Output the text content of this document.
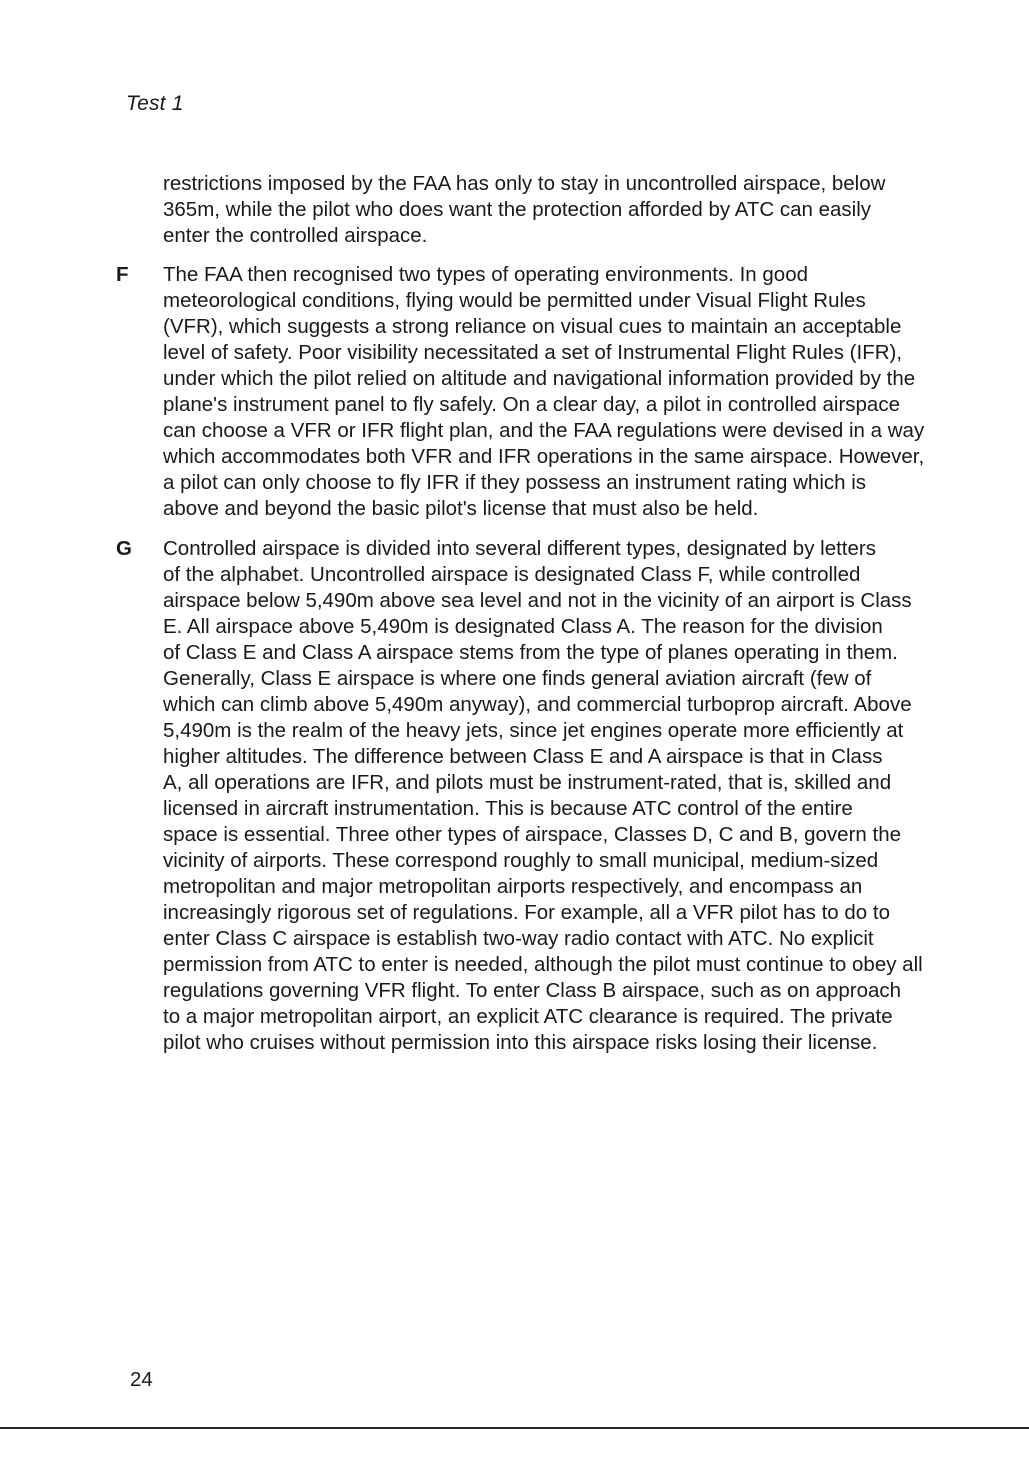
Test 1
restrictions imposed by the FAA has only to stay in uncontrolled airspace, below
365m, while the pilot who does want the protection afforded by ATC can easily
enter the controlled airspace.
F	The FAA then recognised two types of operating environments. In good
meteorological conditions, flying would be permitted under Visual Flight Rules
(VFR), which suggests a strong reliance on visual cues to maintain an acceptable
level of safety. Poor visibility necessitated a set of Instrumental Flight Rules (IFR),
under which the pilot relied on altitude and navigational information provided by the
plane's instrument panel to fly safely. On a clear day, a pilot in controlled airspace
can choose a VFR or IFR flight plan, and the FAA regulations were devised in a way
which accommodates both VFR and IFR operations in the same airspace. However,
a pilot can only choose to fly IFR if they possess an instrument rating which is
above and beyond the basic pilot's license that must also be held.
G	Controlled airspace is divided into several different types, designated by letters
of the alphabet. Uncontrolled airspace is designated Class F, while controlled
airspace below 5,490m above sea level and not in the vicinity of an airport is Class
E. All airspace above 5,490m is designated Class A. The reason for the division
of Class E and Class A airspace stems from the type of planes operating in them.
Generally, Class E airspace is where one finds general aviation aircraft (few of
which can climb above 5,490m anyway), and commercial turboprop aircraft. Above
5,490m is the realm of the heavy jets, since jet engines operate more efficiently at
higher altitudes. The difference between Class E and A airspace is that in Class
A, all operations are IFR, and pilots must be instrument-rated, that is, skilled and
licensed in aircraft instrumentation. This is because ATC control of the entire
space is essential. Three other types of airspace, Classes D, C and B, govern the
vicinity of airports. These correspond roughly to small municipal, medium-sized
metropolitan and major metropolitan airports respectively, and encompass an
increasingly rigorous set of regulations. For example, all a VFR pilot has to do to
enter Class C airspace is establish two-way radio contact with ATC. No explicit
permission from ATC to enter is needed, although the pilot must continue to obey all
regulations governing VFR flight. To enter Class B airspace, such as on approach
to a major metropolitan airport, an explicit ATC clearance is required. The private
pilot who cruises without permission into this airspace risks losing their license.
24
